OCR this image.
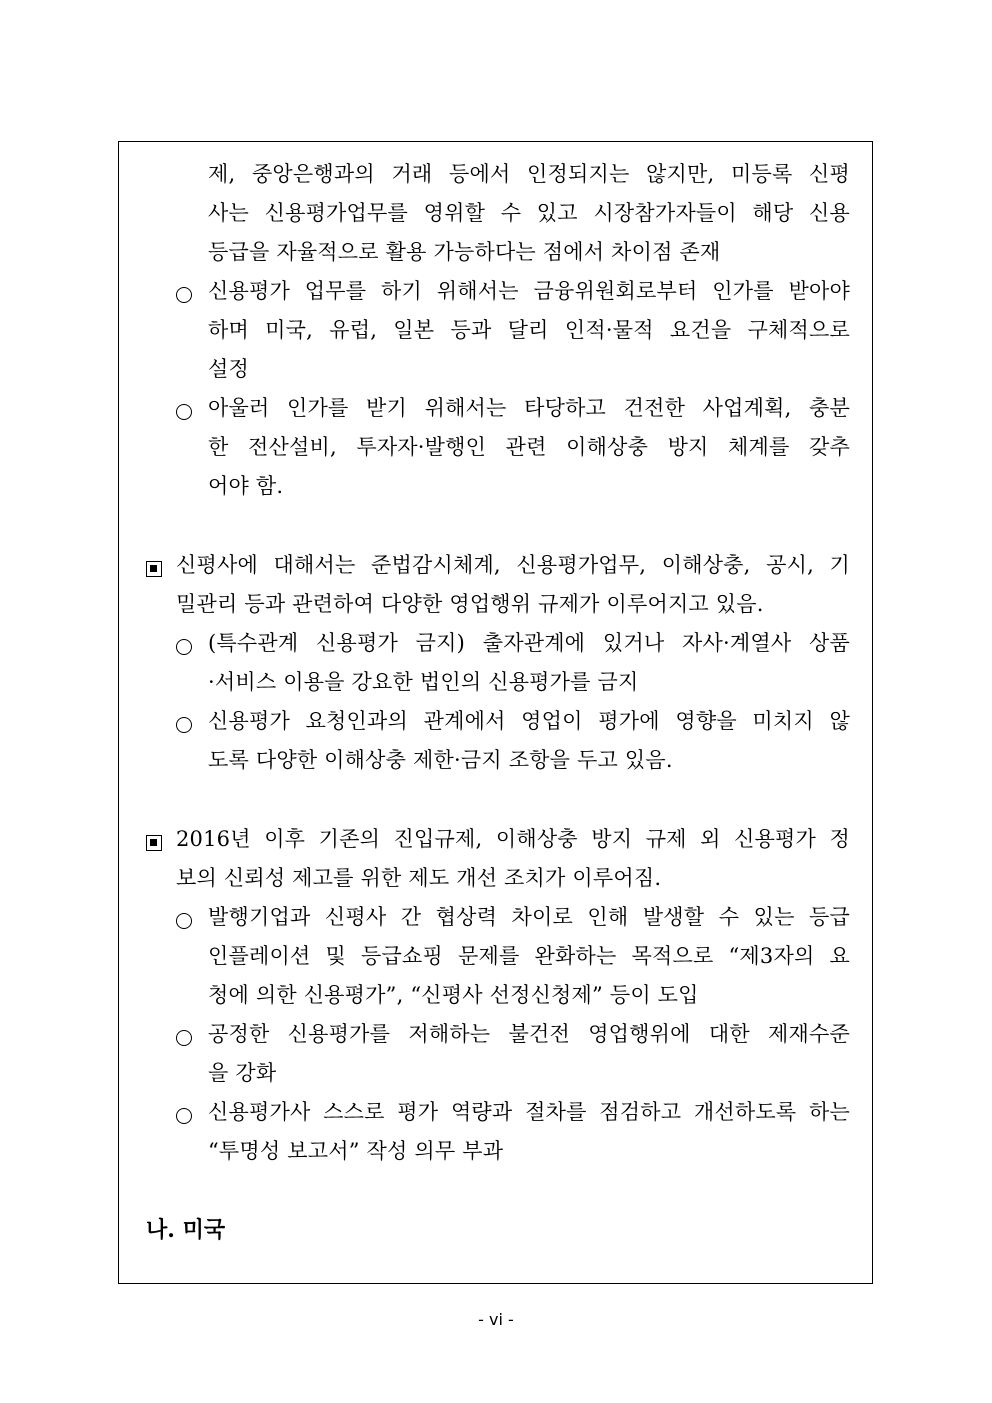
제, 중앙은행과의 거래 등에서 인정되지는 않지만, 미등록 신평
사는 신용평가업무를 영위할 수 있고 시장참가자들이 해당 신용
등급을 자율적으로 활용 가능하다는 점에서 차이점 존재
신용평가 업무를 하기 위해서는 금융위원회로부터 인가를 받아야
하며 미국, 유럽, 일본 등과 달리 인적·물적 요건을 구체적으로
설정
아울러 인가를 받기 위해서는 타당하고 건전한 사업계획, 충분
한 전산설비, 투자자·발행인 관련 이해상충 방지 체계를 갖추
어야 함.
신평사에 대해서는 준법감시체계, 신용평가업무, 이해상충, 공시, 기
밀관리 등과 관련하여 다양한 영업행위 규제가 이루어지고 있음.
(특수관계 신용평가 금지) 출자관계에 있거나 자사·계열사 상품
·서비스 이용을 강요한 법인의 신용평가를 금지
신용평가 요청인과의 관계에서 영업이 평가에 영향을 미치지 않
도록 다양한 이해상충 제한·금지 조항을 두고 있음.
2016년 이후 기존의 진입규제, 이해상충 방지 규제 외 신용평가 정
보의 신뢰성 제고를 위한 제도 개선 조치가 이루어짐.
발행기업과 신평사 간 협상력 차이로 인해 발생할 수 있는 등급
인플레이션 및 등급쇼핑 문제를 완화하는 목적으로 “제3자의 요
청에 의한 신용평가”, “신평사 선정신청제” 등이 도입
공정한 신용평가를 저해하는 불건전 영업행위에 대한 제재수준
을 강화
신용평가사 스스로 평가 역량과 절차를 점검하고 개선하도록 하는
“투명성 보고서” 작성 의무 부과
나. 미국
- vi -
